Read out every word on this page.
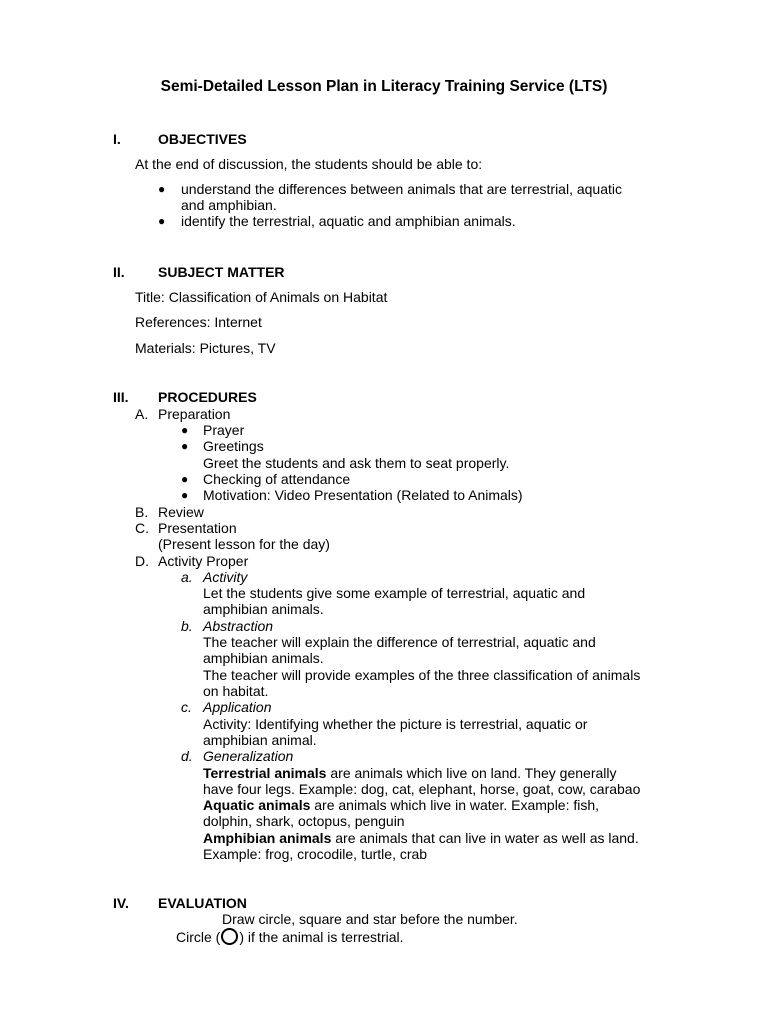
Semi-Detailed Lesson Plan in Literacy Training Service (LTS)
I.	OBJECTIVES
At the end of discussion, the students should be able to:
● understand the differences between animals that are terrestrial, aquatic
and amphibian.
● identify the terrestrial, aquatic and amphibian animals.
II. SUBJECT MATTER
Title: Classification of Animals on Habitat
References: Internet
Materials: Pictures, TV
III. PROCEDURES
A. Preparation
● Prayer
● Greetings
Greet the students and ask them to seat properly.
● Checking of attendance
● Motivation: Video Presentation (Related to Animals)
B. Review
C. Presentation
(Present lesson for the day)
D. Activity Proper
a. Activity
Let the students give some example of terrestrial, aquatic and
amphibian animals.
b. Abstraction
The teacher will explain the difference of terrestrial, aquatic and
amphibian animals.
The teacher will provide examples of the three classification of animals
on habitat.
c. Application
Activity: Identifying whether the picture is terrestrial, aquatic or
amphibian animal.
d. Generalization
Terrestrial animals are animals which live on land. They generally
have four legs. Example: dog, cat, elephant, horse, goat, cow, carabao
Aquatic animals are animals which live in water. Example: fish,
dolphin, shark, octopus, penguin
Amphibian animals are animals that can live in water as well as land.
Example: frog, crocodile, turtle, crab
IV. EVALUATION
Draw circle, square and star before the number.
Circle ( ) if the animal is terrestrial.
